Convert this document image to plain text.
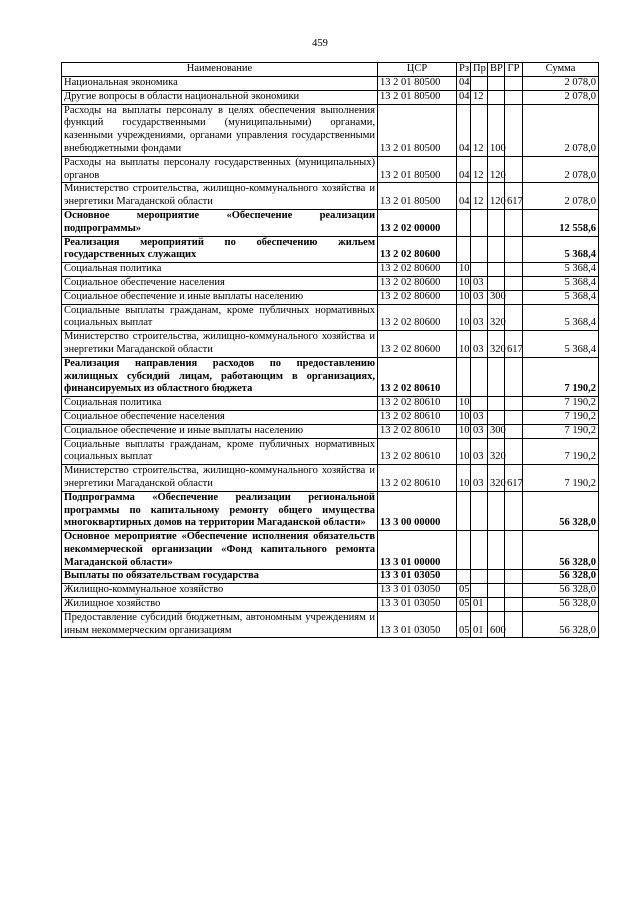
459
Наименование	ЦСР	Рз	Пр	ВР	ГР	Сумма
Национальная экономика	13 2 01 80500	04				2 078,0
Другие вопросы в области национальной экономики	13 2 01 80500	04	12			2 078,0
Расходы на выплаты персоналу в целях обеспечения выполнения функций государственными (муниципальными) органами, казенными учреждениями, органами управления государственными внебюджетными фондами	13 2 01 80500	04	12	100		2 078,0
Расходы на выплаты персоналу государственных (муниципальных) органов	13 2 01 80500	04	12	120		2 078,0
Министерство строительства, жилищно-коммунального хозяйства и энергетики Магаданской области	13 2 01 80500	04	12	120	617	2 078,0
Основное мероприятие «Обеспечение реализации подпрограммы»	13 2 02 00000					12 558,6
Реализация мероприятий по обеспечению жильем государственных служащих	13 2 02 80600					5 368,4
Социальная политика	13 2 02 80600	10				5 368,4
Социальное обеспечение населения	13 2 02 80600	10	03			5 368,4
Социальное обеспечение и иные выплаты населению	13 2 02 80600	10	03	300		5 368,4
Социальные выплаты гражданам, кроме публичных нормативных социальных выплат	13 2 02 80600	10	03	320		5 368,4
Министерство строительства, жилищно-коммунального хозяйства и энергетики Магаданской области	13 2 02 80600	10	03	320	617	5 368,4
Реализация направления расходов по предоставлению жилищных субсидий лицам, работающим в организациях, финансируемых из областного бюджета	13 2 02 80610					7 190,2
Социальная политика	13 2 02 80610	10				7 190,2
Социальное обеспечение населения	13 2 02 80610	10	03			7 190,2
Социальное обеспечение и иные выплаты населению	13 2 02 80610	10	03	300		7 190,2
Социальные выплаты гражданам, кроме публичных нормативных социальных выплат	13 2 02 80610	10	03	320		7 190,2
Министерство строительства, жилищно-коммунального хозяйства и энергетики Магаданской области	13 2 02 80610	10	03	320	617	7 190,2
Подпрограмма «Обеспечение реализации региональной программы по капитальному ремонту общего имущества многоквартирных домов на территории Магаданской области»	13 3 00 00000					56 328,0
Основное мероприятие «Обеспечение исполнения обязательств некоммерческой организации «Фонд капитального ремонта Магаданской области»	13 3 01 00000					56 328,0
Выплаты по обязательствам государства	13 3 01 03050					56 328,0
Жилищно-коммунальное хозяйство	13 3 01 03050	05				56 328,0
Жилищное хозяйство	13 3 01 03050	05	01			56 328,0
Предоставление субсидий бюджетным, автономным учреждениям и иным некоммерческим организациям	13 3 01 03050	05	01	600		56 328,0
